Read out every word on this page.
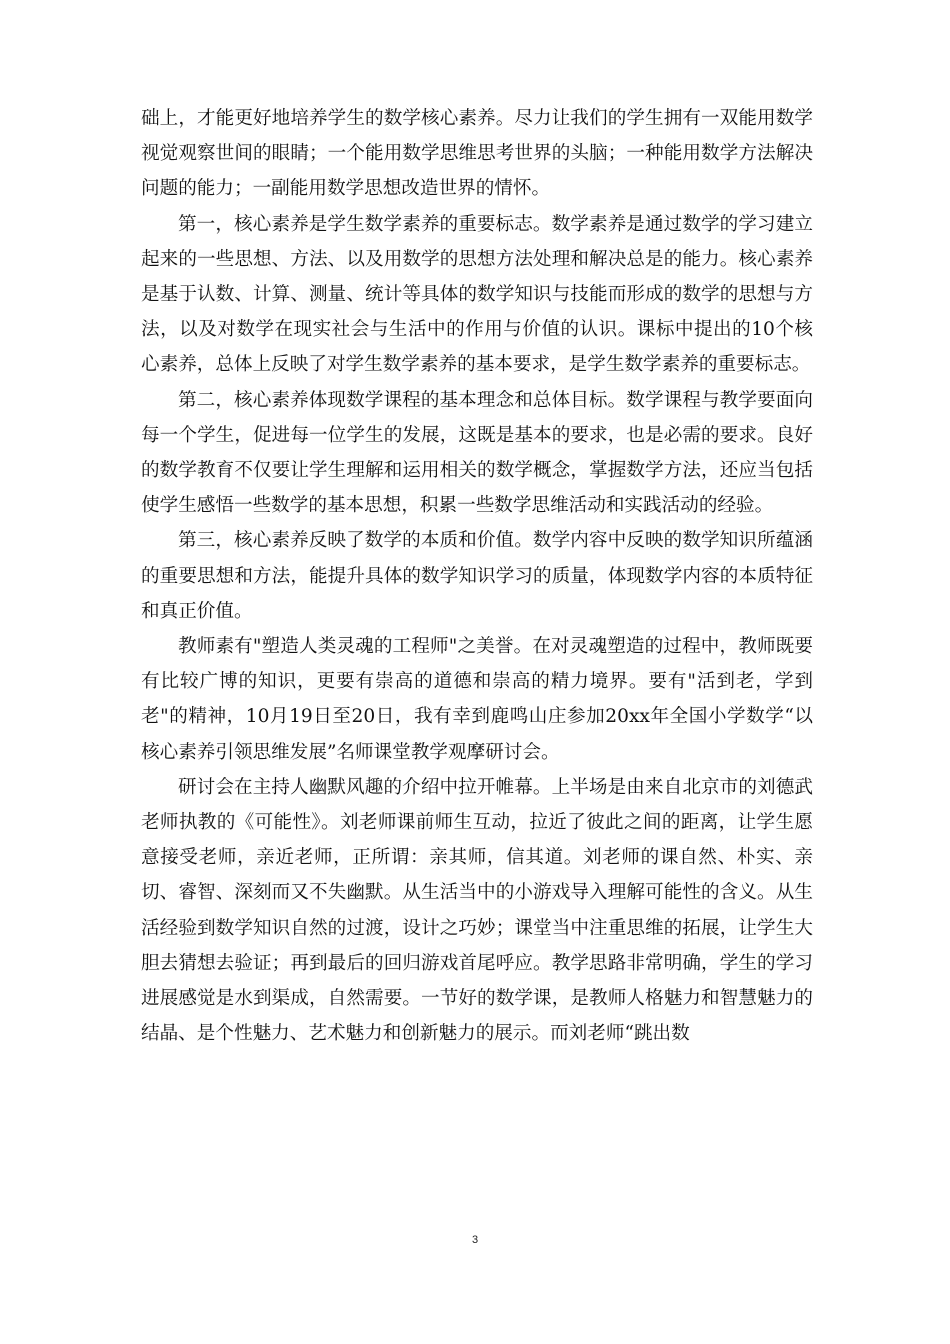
础上，才能更好地培养学生的数学核心素养。尽力让我们的学生拥有一双能用数学视觉观察世间的眼睛；一个能用数学思维思考世界的头脑；一种能用数学方法解决问题的能力；一副能用数学思想改造世界的情怀。

第一，核心素养是学生数学素养的重要标志。数学素养是通过数学的学习建立起来的一些思想、方法、以及用数学的思想方法处理和解决总是的能力。核心素养是基于认数、计算、测量、统计等具体的数学知识与技能而形成的数学的思想与方法，以及对数学在现实社会与生活中的作用与价值的认识。课标中提出的10个核心素养，总体上反映了对学生数学素养的基本要求，是学生数学素养的重要标志。

第二，核心素养体现数学课程的基本理念和总体目标。数学课程与教学要面向每一个学生，促进每一位学生的发展，这既是基本的要求，也是必需的要求。良好的数学教育不仅要让学生理解和运用相关的数学概念，掌握数学方法，还应当包括使学生感悟一些数学的基本思想，积累一些数学思维活动和实践活动的经验。

第三，核心素养反映了数学的本质和价值。数学内容中反映的数学知识所蕴涵的重要思想和方法，能提升具体的数学知识学习的质量，体现数学内容的本质特征和真正价值。

教师素有"塑造人类灵魂的工程师"之美誉。在对灵魂塑造的过程中，教师既要有比较广博的知识，更要有崇高的道德和崇高的精力境界。要有"活到老，学到老"的精神，10月19日至20日，我有幸到鹿鸣山庄参加20xx年全国小学数学“以核心素养引领思维发展”名师课堂教学观摩研讨会。

研讨会在主持人幽默风趣的介绍中拉开帷幕。上半场是由来自北京市的刘德武老师执教的《可能性》。刘老师课前师生互动，拉近了彼此之间的距离，让学生愿意接受老师，亲近老师，正所谓：亲其师，信其道。刘老师的课自然、朴实、亲切、睿智、深刻而又不失幽默。从生活当中的小游戏导入理解可能性的含义。从生活经验到数学知识自然的过渡，设计之巧妙；课堂当中注重思维的拓展，让学生大胆去猜想去验证；再到最后的回归游戏首尾呼应。教学思路非常明确，学生的学习进展感觉是水到渠成，自然需要。一节好的数学课，是教师人格魅力和智慧魅力的结晶、是个性魅力、艺术魅力和创新魅力的展示。而刘老师“跳出数

3
